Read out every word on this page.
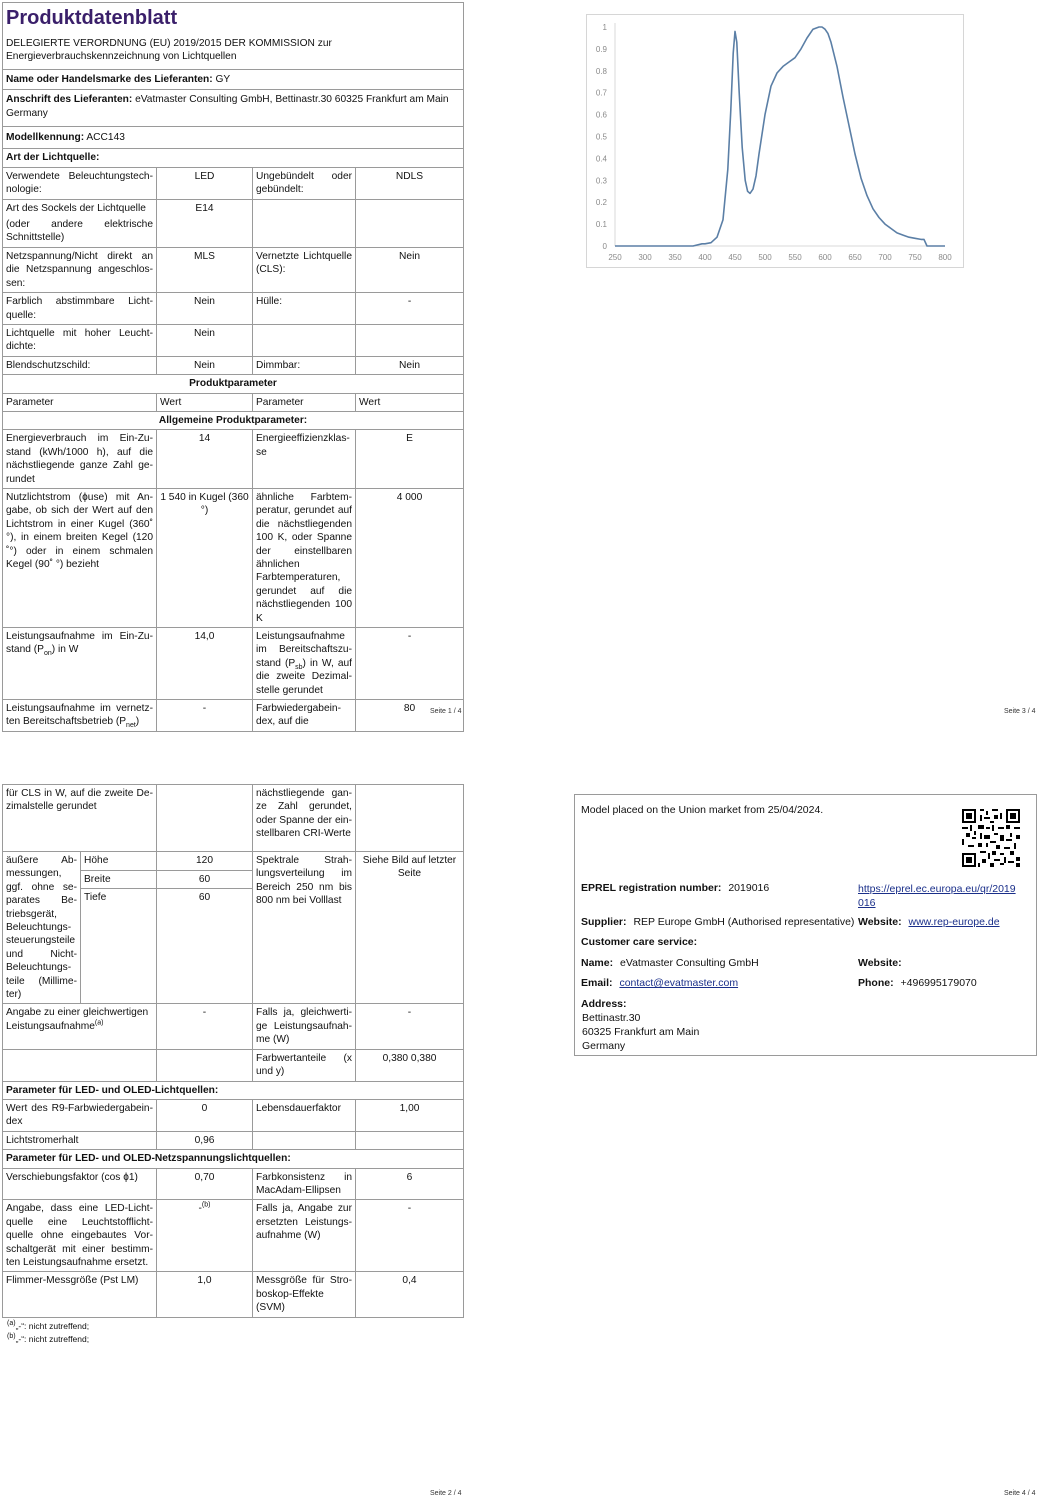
Produktdatenblatt
DELEGIERTE VERORDNUNG (EU) 2019/2015 DER KOMMISSION zur Energieverbrauchskennzeichnung von Lichtquellen			

Name oder Handelsmarke des Lieferanten: GY			
Anschrift des Lieferanten: eVatmaster Consulting GmbH, Bettinastr.30 60325 Frankfurt am Main Germany			
Modellkennung: ACC143			
Art der Lichtquelle:			
Verwendete Beleuchtungstechnologie:	LED	Ungebündelt oder gebündelt:	NDLS

Art des Sockels der Lichtquelle
(oder andere elektrische Schnittstelle)	E14		
Netzspannung/Nicht direkt an die Netzspannung angeschlossen:	MLS	Vernetzte Lichtquelle (CLS):	Nein
Farblich abstimmbare Lichtquelle:	Nein	Hülle:	-
Lichtquelle mit hoher Leuchtdichte:	Nein		
Blendschutzschild:	Nein	Dimmbar:	Nein
Produktparameter			
Parameter	Wert	Parameter	Wert
Allgemeine Produktparameter:			
Energieverbrauch im Ein-Zustand (kWh/1000 h), auf die nächstliegende ganze Zahl gerundet	14	Energieeffizienzklasse	E
Nutzlichtstrom (ɸuse) mit Angabe, ob sich der Wert auf den Lichtstrom in einer Kugel (360˚ °), in einem breiten Kegel (120 ˚°) oder in einem schmalen Kegel (90˚ °) bezieht	1 540 in Kugel (360 °)	ähnliche Farbtemperatur, gerundet auf die nächstliegenden 100 K, oder Spanne der einstellbaren ähnlichen Farbtemperaturen, gerundet auf die nächstliegenden 100 K	4 000
Leistungsaufnahme im Ein-Zustand $(P_{on})$ in W	14,0	Leistungsaufnahme im Bereitschaftszustand $(P_{sb})$ in W, auf die zweite Dezimalstelle gerundet	-
Leistungsaufnahme im vernetzten Bereitschaftsbetrieb $(P_{net})$	-	Farbwiedergabeindex, auf die	80 Seite 1 / 4
0
0.1
0.2
0.3
0.4
0.5
0.6
0.7
0.8
0.9
1
250 300 350 400 450 500 550 600 650 700 750 800
Seite 3 / 4
für CLS in W, auf die zweite Dezimalstelle gerundet			nächstliegende ganze Zahl gerundet, oder Spanne der einstellbaren CRI-Werte	
äußere Abmessungen, ggf. ohne separates Betriebsgerät, Beleuchtungssteuerungsteile und Nicht-Beleuchtungsteile (Millimeter)	Höhe	120	Spektrale Strahlungsverteilung im Bereich 250 nm bis 800 nm bei Volllast	Siehe Bild auf letzter Seite
	Breite	60		
	Tiefe	60		
Angabe zu einer gleichwertigen Leistungsaufnahme$^{(a)}$		-	Falls ja, gleichwertige Leistungsaufnahme (W)	-
			Farbwertanteile (x und y)	0,380 0,380
Parameter für LED- und OLED-Lichtquellen:				
Wert des R9-Farbwiedergabeindex		0	Lebensdauerfaktor	1,00
Lichtstromerhalt		0,96		
Parameter für LED- und OLED-Netzspannungslichtquellen:				
Verschiebungsfaktor (cos ɸ1)		0,70	Farbkonsistenz in MacAdam-Ellipsen	6
Angabe, dass eine LED-Lichtquelle eine Leuchtstofflichtquelle ohne eingebautes Vorschaltgerät mit einer bestimmten Leistungsaufnahme ersetzt.		-$^{(b)}$	Falls ja, Angabe zur ersetzten Leistungsaufnahme (W)	-
Flimmer-Messgröße (Pst LM)		1,0	Messgröße für Stroboskop-Effekte (SVM)	0,4
$^{(a)}$„-“: nicht zutreffend;
$^{(b)}$„-“: nicht zutreffend;
Seite 2 / 4
Model placed on the Union market from 25/04/2024.
EPREL registration number: 2019016	https://eprel.ec.europa.eu/qr/2019016
Supplier: REP Europe GmbH (Authorised representative) Website: www.rep-europe.de
Customer care service:
Name: eVatmaster Consulting GmbH	Website:
Email: contact@evatmaster.com	Phone: +496995179070
Address:
Bettinastr.30
60325 Frankfurt am Main
Germany
Seite 4 / 4
